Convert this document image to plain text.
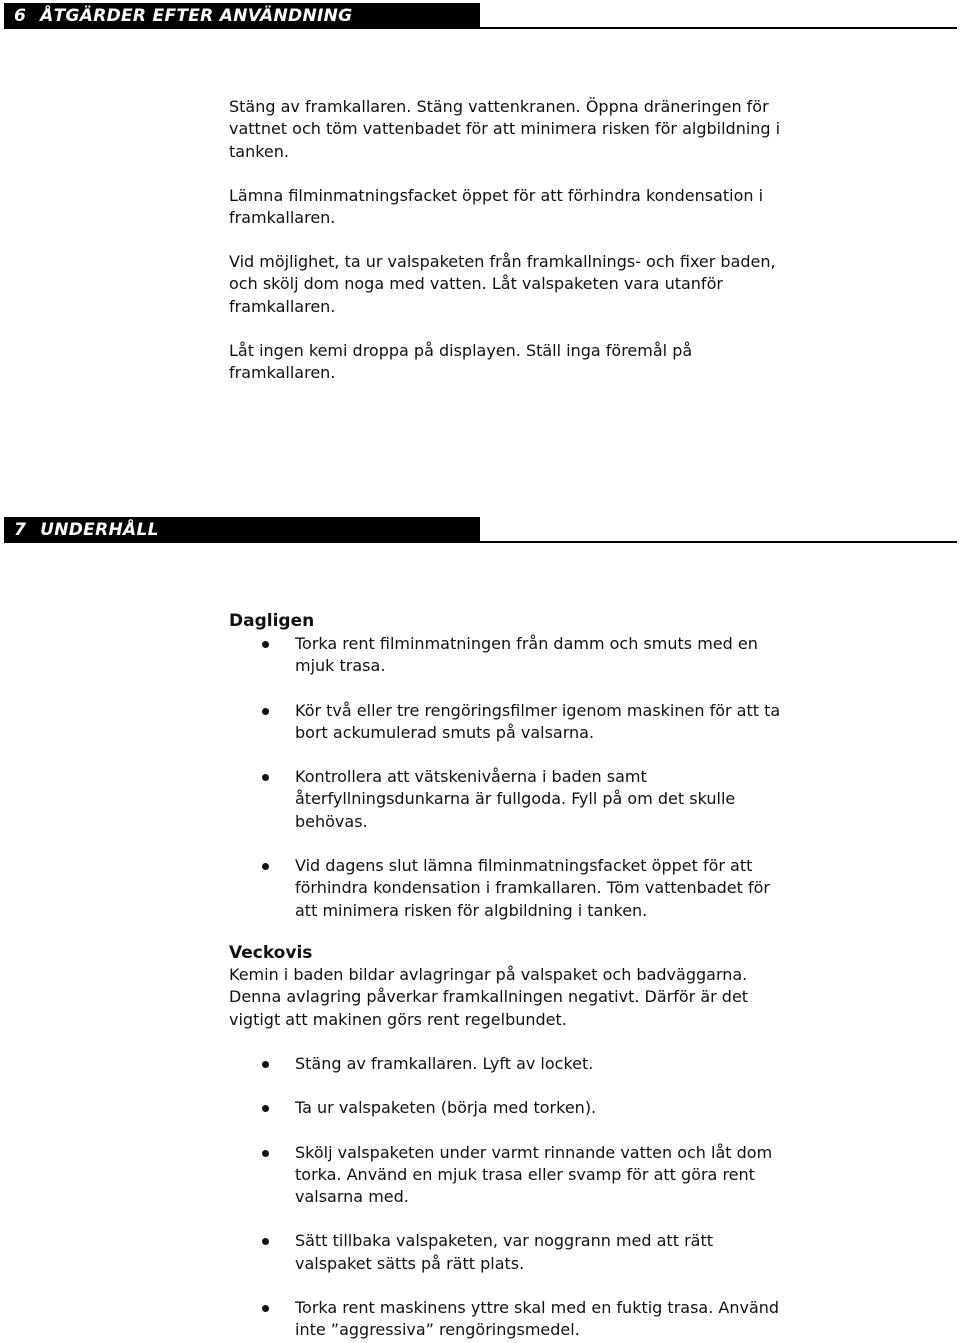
6 ÅTGÄRDER EFTER ANVÄNDNING

Stäng av framkallaren. Stäng vattenkranen. Öppna dräneringen för vattnet och töm vattenbadet för att minimera risken för algbildning i tanken.

Lämna filminmatningsfacket öppet för att förhindra kondensation i framkallaren.

Vid möjlighet, ta ur valspaketen från framkallnings- och fixer baden, och skölj dom noga med vatten. Låt valspaketen vara utanför framkallaren.

Låt ingen kemi droppa på displayen. Ställ inga föremål på framkallaren.

7 UNDERHÅLL

Dagligen

Torka rent filminmatningen från damm och smuts med en mjuk trasa.
Kör två eller tre rengöringsfilmer igenom maskinen för att ta bort ackumulerad smuts på valsarna.
Kontrollera att vätskenivåerna i baden samt återfyllningsdunkarna är fullgoda. Fyll på om det skulle behövas.
Vid dagens slut lämna filminmatningsfacket öppet för att förhindra kondensation i framkallaren. Töm vattenbadet för att minimera risken för algbildning i tanken.

Veckovis

Kemin i baden bildar avlagringar på valspaket och badväggarna. Denna avlagring påverkar framkallningen negativt. Därför är det vigtigt att makinen görs rent regelbundet.

Stäng av framkallaren. Lyft av locket.
Ta ur valspaketen (börja med torken).
Skölj valspaketen under varmt rinnande vatten och låt dom torka. Använd en mjuk trasa eller svamp för att göra rent valsarna med.
Sätt tillbaka valspaketen, var noggrann med att rätt valspaket sätts på rätt plats.
Torka rent maskinens yttre skal med en fuktig trasa. Använd inte ”aggressiva” rengöringsmedel.
